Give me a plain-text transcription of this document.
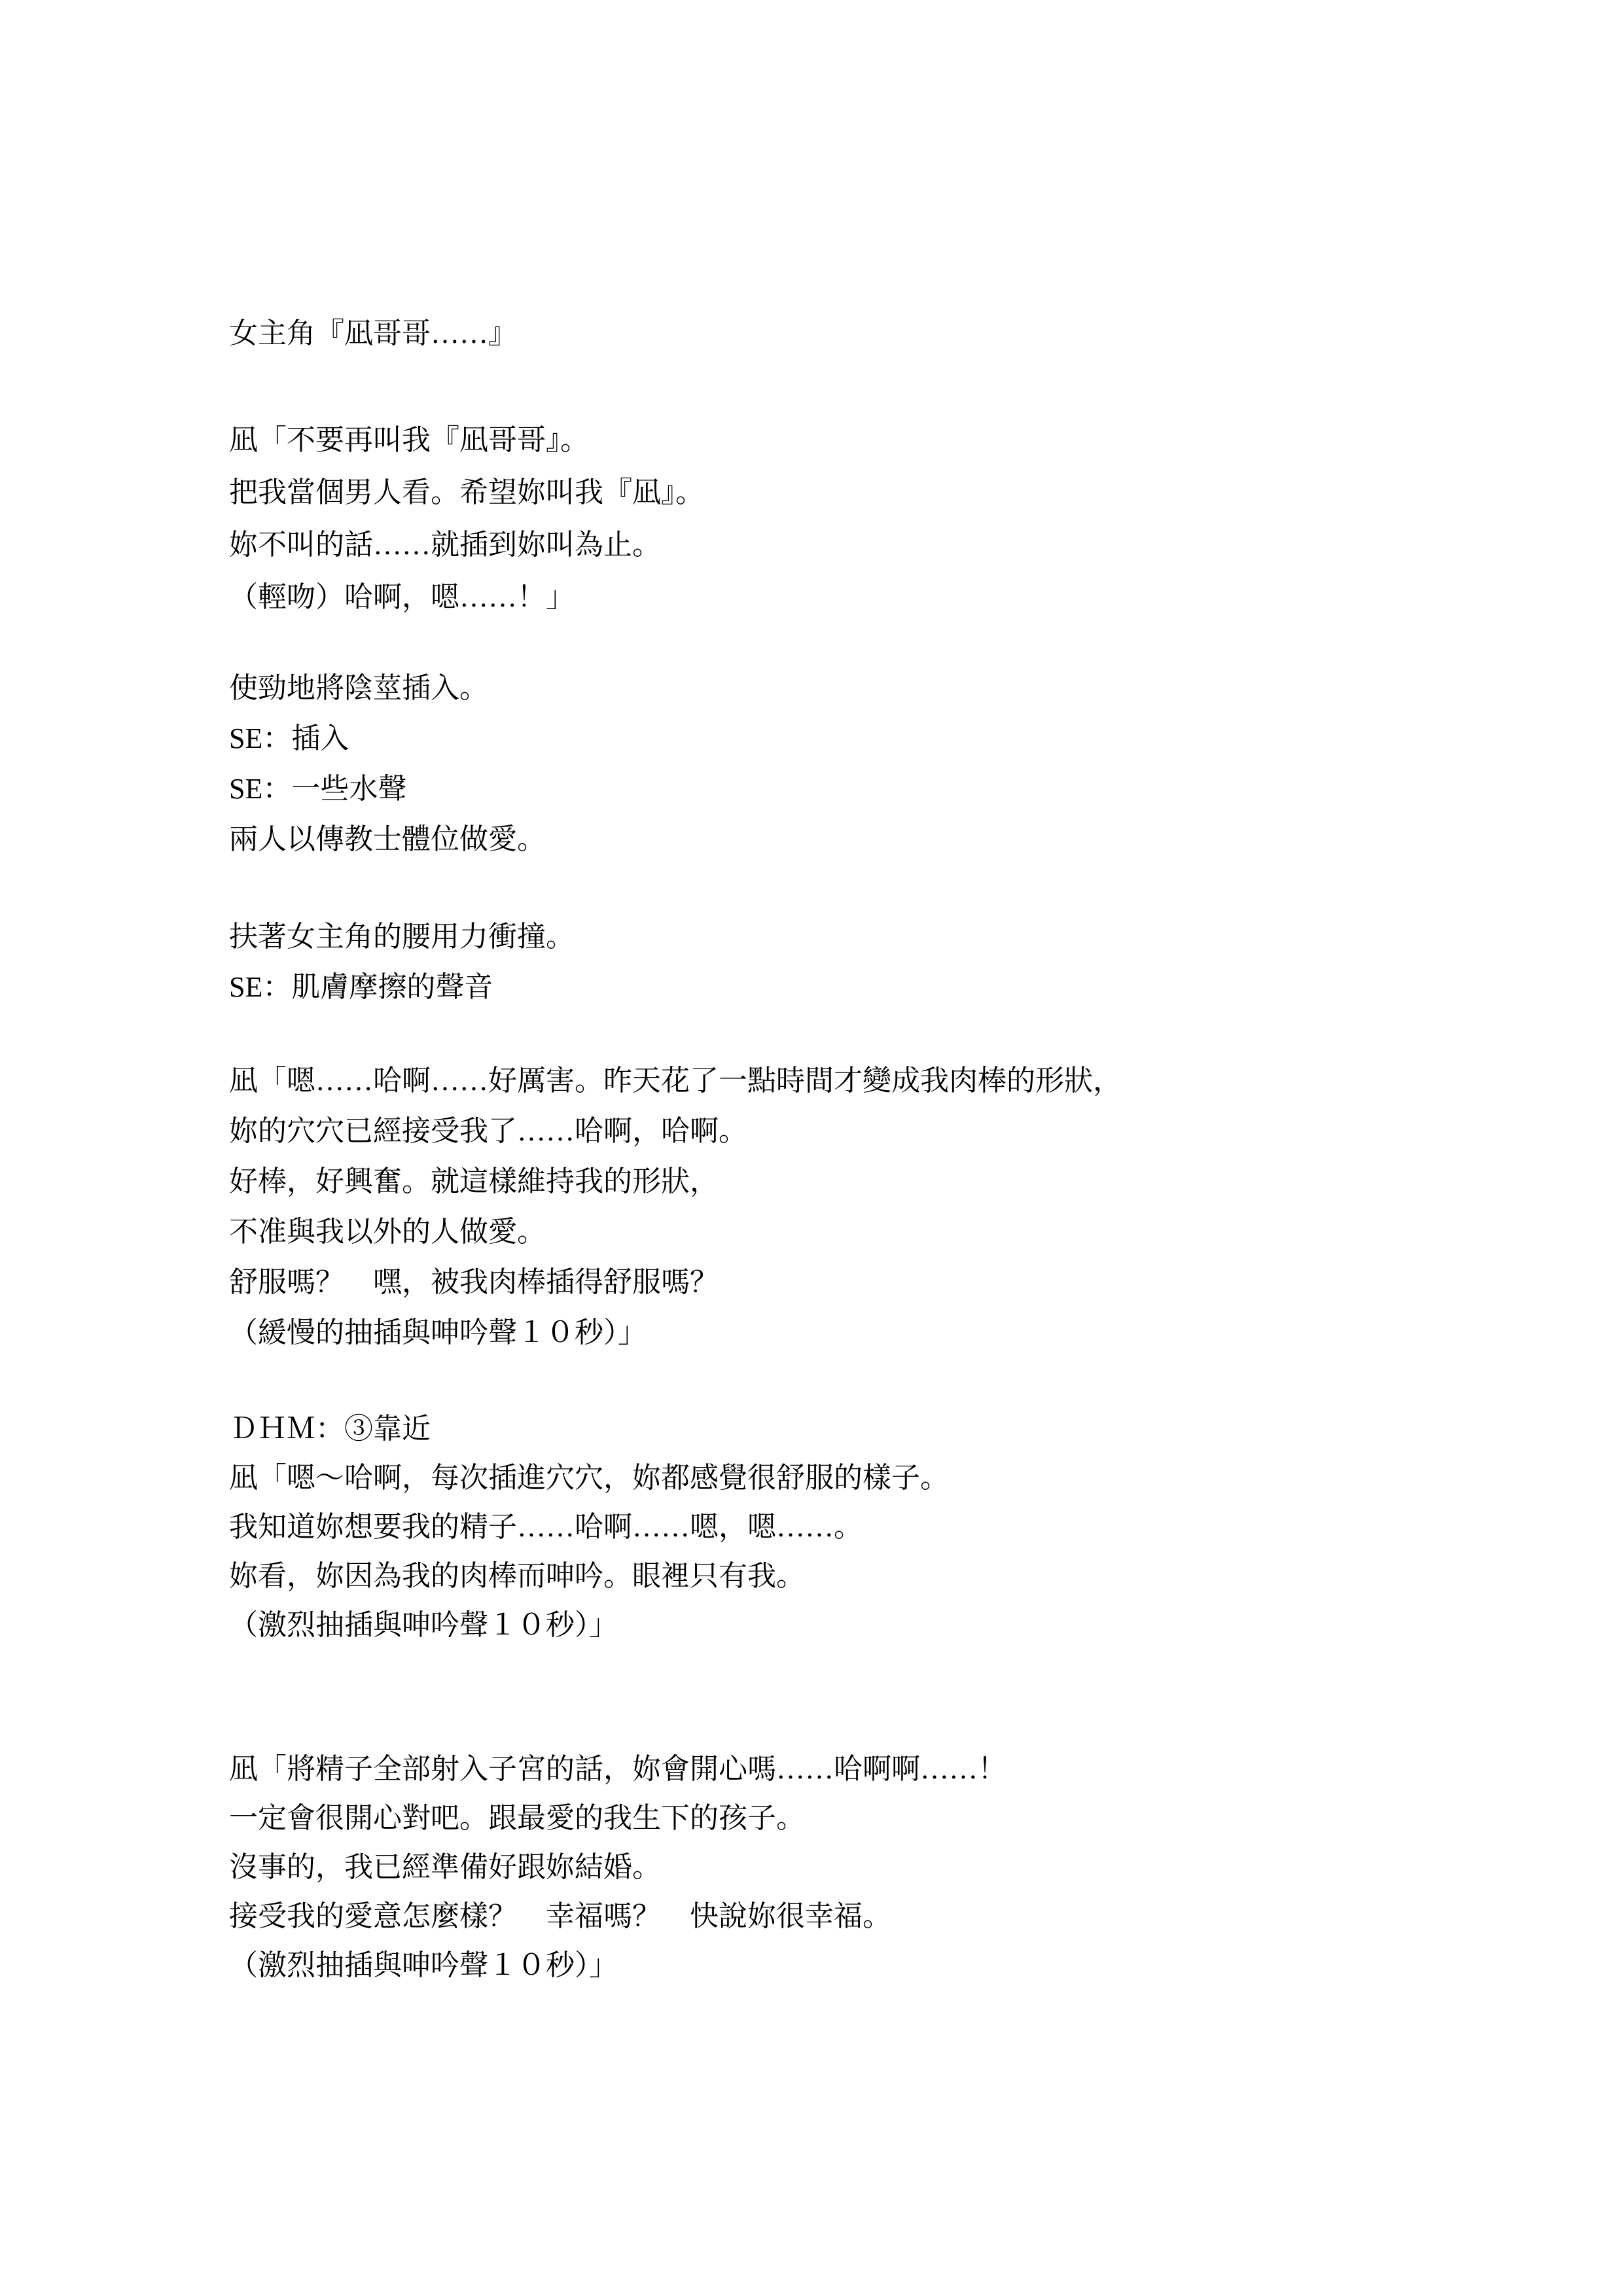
女主角『凪哥哥……』
凪「不要再叫我『凪哥哥』。
把我當個男人看。希望妳叫我『凪』。
妳不叫的話……就插到妳叫為止。
（輕吻）哈啊，嗯……！」
使勁地將陰莖插入。
SE：插入
SE：一些水聲
兩人以傳教士體位做愛。
扶著女主角的腰用力衝撞。
SE：肌膚摩擦的聲音
凪「嗯……哈啊……好厲害。昨天花了一點時間才變成我肉棒的形狀，
妳的穴穴已經接受我了……哈啊，哈啊。
好棒，好興奮。就這樣維持我的形狀，
不准與我以外的人做愛。
舒服嗎？　嘿，被我肉棒插得舒服嗎？
（緩慢的抽插與呻吟聲１０秒）」
ＤＨＭ：③靠近
凪「嗯～哈啊，每次插進穴穴，妳都感覺很舒服的樣子。
我知道妳想要我的精子……哈啊……嗯，嗯……。
妳看，妳因為我的肉棒而呻吟。眼裡只有我。
（激烈抽插與呻吟聲１０秒）」
凪「將精子全部射入子宮的話，妳會開心嗎……哈啊啊……！
一定會很開心對吧。跟最愛的我生下的孩子。
沒事的，我已經準備好跟妳結婚。
接受我的愛意怎麼樣？　幸福嗎？　快說妳很幸福。
（激烈抽插與呻吟聲１０秒）」
